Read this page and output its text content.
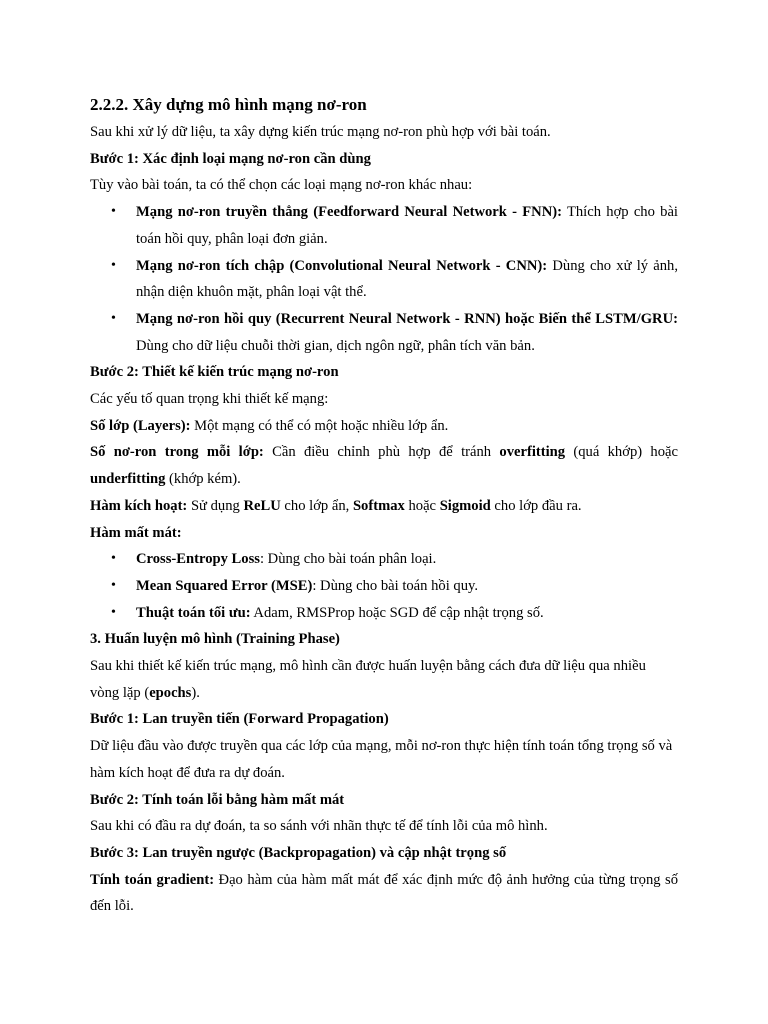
2.2.2. Xây dựng mô hình mạng nơ-ron

Sau khi xử lý dữ liệu, ta xây dựng kiến trúc mạng nơ-ron phù hợp với bài toán.

Bước 1: Xác định loại mạng nơ-ron cần dùng

Tùy vào bài toán, ta có thể chọn các loại mạng nơ-ron khác nhau:

• Mạng nơ-ron truyền thẳng (Feedforward Neural Network - FNN): Thích hợp cho bài toán hồi quy, phân loại đơn giản.
• Mạng nơ-ron tích chập (Convolutional Neural Network - CNN): Dùng cho xử lý ảnh, nhận diện khuôn mặt, phân loại vật thể.
• Mạng nơ-ron hồi quy (Recurrent Neural Network - RNN) hoặc Biến thể LSTM/GRU: Dùng cho dữ liệu chuỗi thời gian, dịch ngôn ngữ, phân tích văn bản.

Bước 2: Thiết kế kiến trúc mạng nơ-ron

Các yếu tố quan trọng khi thiết kế mạng:

Số lớp (Layers): Một mạng có thể có một hoặc nhiều lớp ẩn.

Số nơ-ron trong mỗi lớp: Cần điều chỉnh phù hợp để tránh overfitting (quá khớp) hoặc underfitting (khớp kém).

Hàm kích hoạt: Sử dụng ReLU cho lớp ẩn, Softmax hoặc Sigmoid cho lớp đầu ra.

Hàm mất mát:

• Cross-Entropy Loss: Dùng cho bài toán phân loại.
• Mean Squared Error (MSE): Dùng cho bài toán hồi quy.
• Thuật toán tối ưu: Adam, RMSProp hoặc SGD để cập nhật trọng số.

3. Huấn luyện mô hình (Training Phase)

Sau khi thiết kế kiến trúc mạng, mô hình cần được huấn luyện bằng cách đưa dữ liệu qua nhiều vòng lặp (epochs).

Bước 1: Lan truyền tiến (Forward Propagation)

Dữ liệu đầu vào được truyền qua các lớp của mạng, mỗi nơ-ron thực hiện tính toán tổng trọng số và hàm kích hoạt để đưa ra dự đoán.

Bước 2: Tính toán lỗi bằng hàm mất mát

Sau khi có đầu ra dự đoán, ta so sánh với nhãn thực tế để tính lỗi của mô hình.

Bước 3: Lan truyền ngược (Backpropagation) và cập nhật trọng số

Tính toán gradient: Đạo hàm của hàm mất mát để xác định mức độ ảnh hưởng của từng trọng số đến lỗi.
